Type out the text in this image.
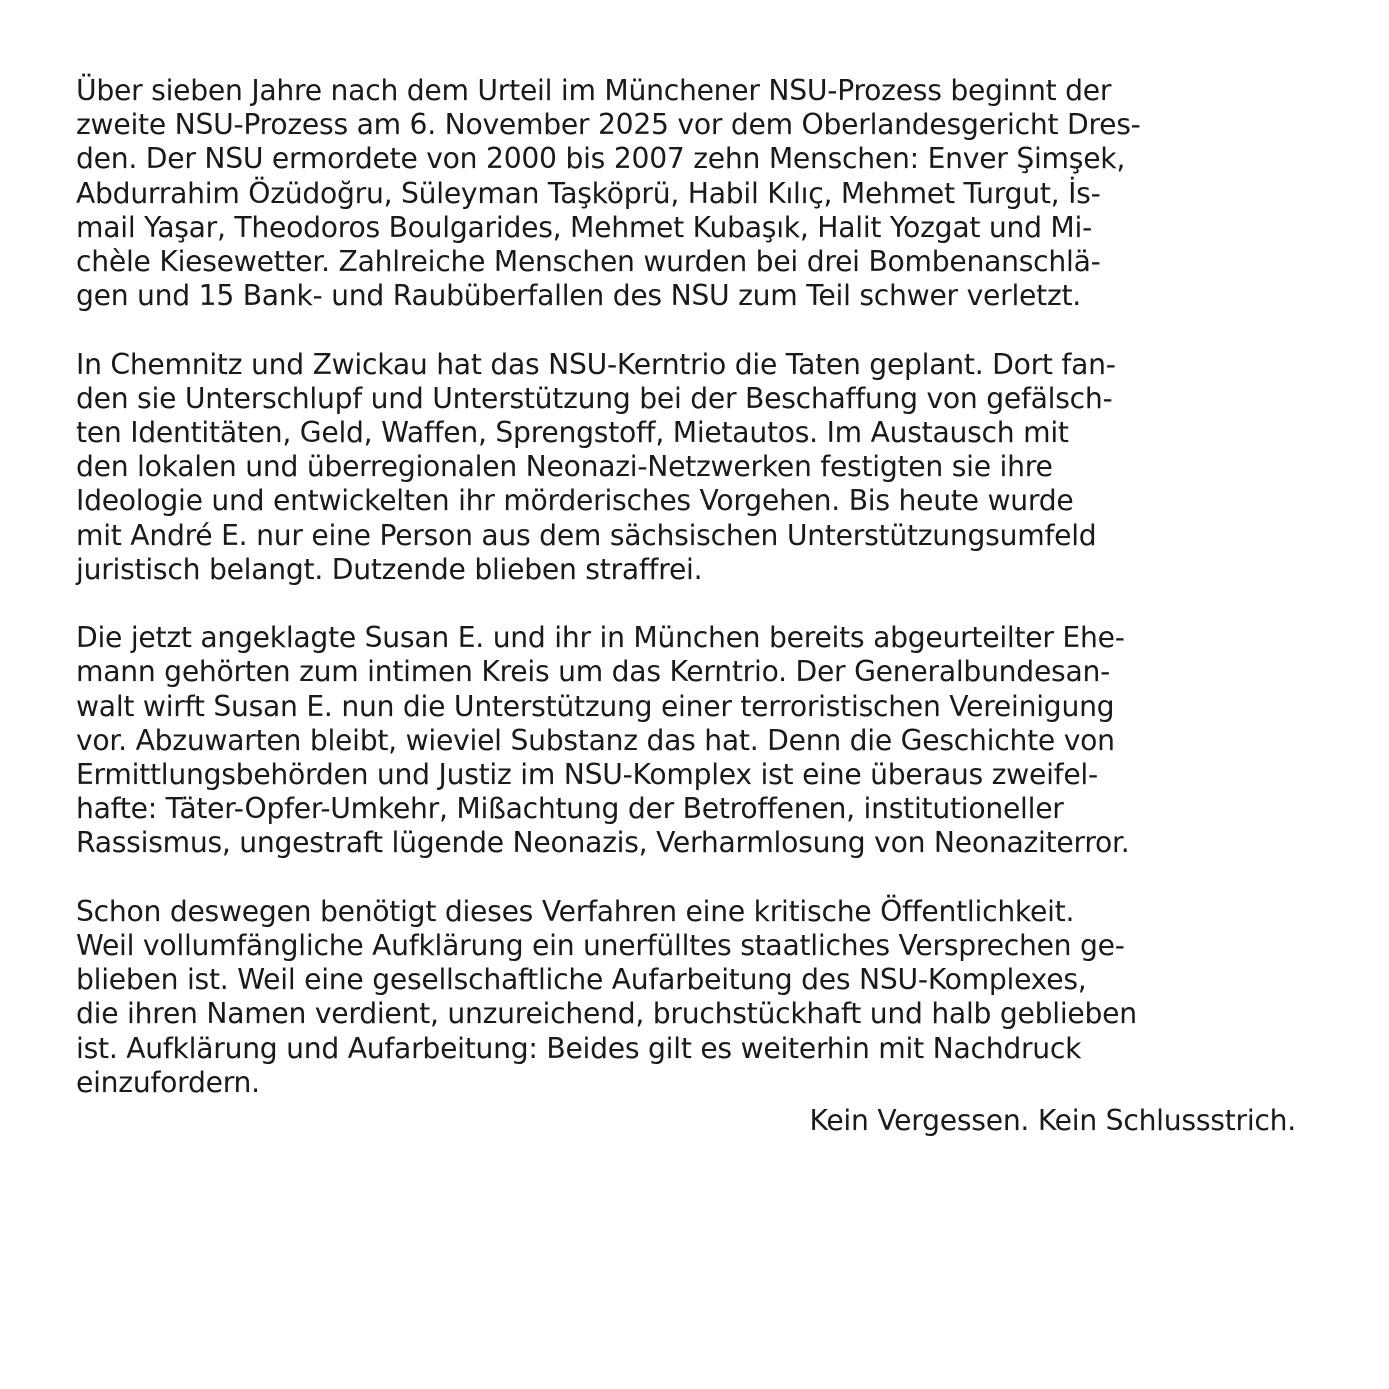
Über sieben Jahre nach dem Urteil im Münchener NSU-Prozess beginnt der
zweite NSU-Prozess am 6. November 2025 vor dem Oberlandesgericht Dres-
den. Der NSU ermordete von 2000 bis 2007 zehn Menschen: Enver Şimşek,
Abdurrahim Özüdoğru, Süleyman Taşköprü, Habil Kılıç, Mehmet Turgut, İs-
mail Yaşar, Theodoros Boulgarides, Mehmet Kubaşık, Halit Yozgat und Mi-
chèle Kiesewetter. Zahlreiche Menschen wurden bei drei Bombenanschlä-
gen und 15 Bank- und Raubüberfallen des NSU zum Teil schwer verletzt.
In Chemnitz und Zwickau hat das NSU-Kerntrio die Taten geplant. Dort fan-
den sie Unterschlupf und Unterstützung bei der Beschaffung von gefälsch-
ten Identitäten, Geld, Waffen, Sprengstoff, Mietautos. Im Austausch mit
den lokalen und überregionalen Neonazi-Netzwerken festigten sie ihre
Ideologie und entwickelten ihr mörderisches Vorgehen. Bis heute wurde
mit André E. nur eine Person aus dem sächsischen Unterstützungsumfeld
juristisch belangt. Dutzende blieben straffrei.
Die jetzt angeklagte Susan E. und ihr in München bereits abgeurteilter Ehe-
mann gehörten zum intimen Kreis um das Kerntrio. Der Generalbundesan-
walt wirft Susan E. nun die Unterstützung einer terroristischen Vereinigung
vor. Abzuwarten bleibt, wieviel Substanz das hat. Denn die Geschichte von
Ermittlungsbehörden und Justiz im NSU-Komplex ist eine überaus zweifel-
hafte: Täter-Opfer-Umkehr, Mißachtung der Betroffenen, institutioneller
Rassismus, ungestraft lügende Neonazis, Verharmlosung von Neonaziterror.
Schon deswegen benötigt dieses Verfahren eine kritische Öffentlichkeit.
Weil vollumfängliche Aufklärung ein unerfülltes staatliches Versprechen ge-
blieben ist. Weil eine gesellschaftliche Aufarbeitung des NSU-Komplexes,
die ihren Namen verdient, unzureichend, bruchstückhaft und halb geblieben
ist. Aufklärung und Aufarbeitung: Beides gilt es weiterhin mit Nachdruck
einzufordern.
Kein Vergessen. Kein Schlussstrich.
